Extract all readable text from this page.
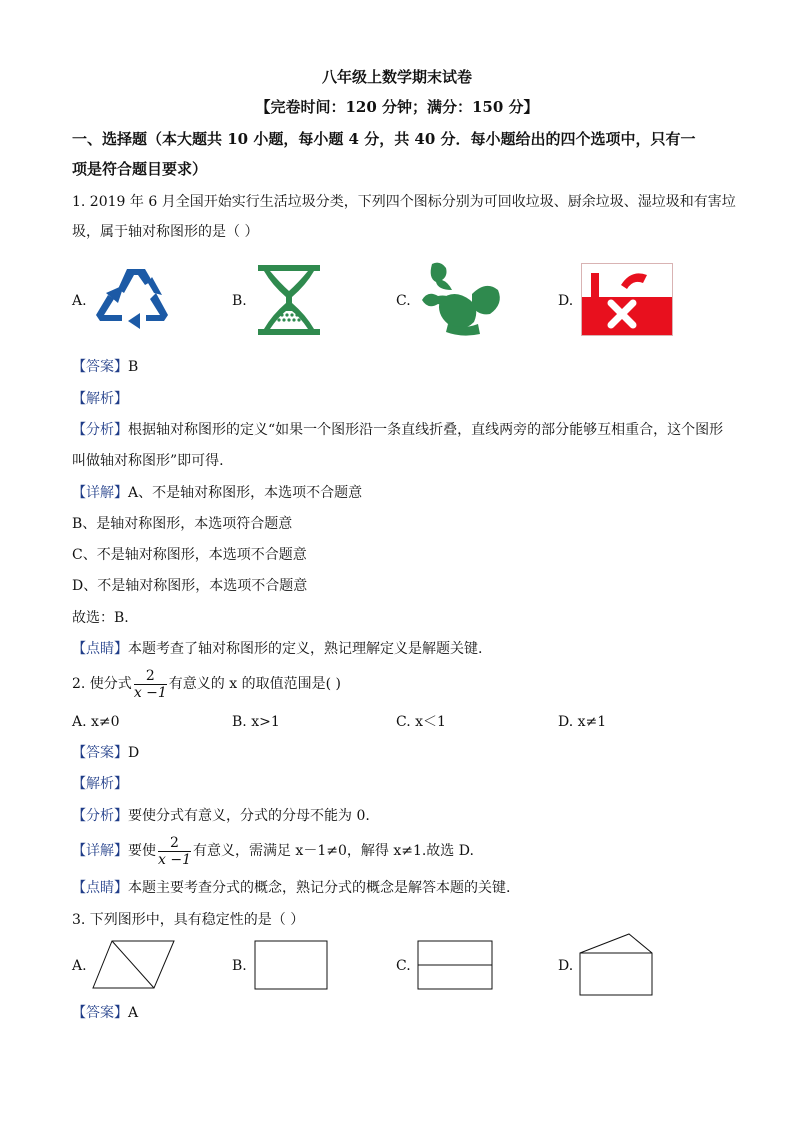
八年级上数学期末试卷
【完卷时间：120 分钟；满分：150 分】
一、选择题（本大题共 10 小题，每小题 4 分，共 40 分．每小题给出的四个选项中，只有一
项是符合题目要求）
1. 2019 年 6 月全国开始实行生活垃圾分类，下列四个图标分别为可回收垃圾、厨余垃圾、湿垃圾和有害垃
圾，属于轴对称图形的是（ ）
A.	B.	C.	D.
【答案】B
【解析】
【分析】根据轴对称图形的定义“如果一个图形沿一条直线折叠，直线两旁的部分能够互相重合，这个图形
叫做轴对称图形”即可得.
【详解】A、不是轴对称图形，本选项不合题意
B、是轴对称图形，本选项符合题意
C、不是轴对称图形，本选项不合题意
D、不是轴对称图形，本选项不合题意
故选：B.
【点睛】本题考查了轴对称图形的定义，熟记理解定义是解题关键.
2. 使分式 $\frac{2}{x -1}$ 有意义的 x 的取值范围是( )
A. x≠0	B. x>1	C. x＜1	D. x≠1
【答案】D
【解析】
【分析】要使分式有意义，分式的分母不能为 0.
【详解】要使 $\frac{2}{x -1}$ 有意义，需满足 x－1≠0，解得 x≠1.故选 D.
【点睛】本题主要考查分式的概念，熟记分式的概念是解答本题的关键.
3. 下列图形中，具有稳定性的是（ ）
A.	B.	C.	D.
【答案】A
